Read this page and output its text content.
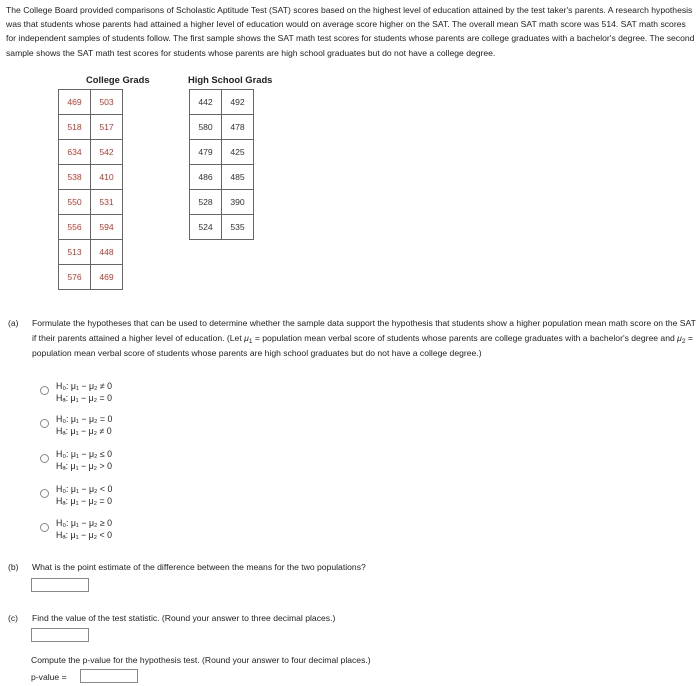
The College Board provided comparisons of Scholastic Aptitude Test (SAT) scores based on the highest level of education attained by the test taker's parents. A research hypothesis was that students whose parents had attained a higher level of education would on average score higher on the SAT. The overall mean SAT math score was 514. SAT math scores for independent samples of students follow. The first sample shows the SAT math test scores for students whose parents are college graduates with a bachelor's degree. The second sample shows the SAT math test scores for students whose parents are high school graduates but do not have a college degree.

College Grads	High School Grads
469	503
518	517
634	542
538	410
550	531
556	594
513	448
576	469
442	492
580	478
479	425
486	485
528	390
524	535
(a) Formulate the hypotheses that can be used to determine whether the sample data support the hypothesis that students show a higher population mean math score on the SAT if their parents attained a higher level of education. (Let $\mu_1$ = population mean verbal score of students whose parents are college graduates with a bachelor's degree and $\mu_2$ = population mean verbal score of students whose parents are high school graduates but do not have a college degree.)
H₀: μ₁ − μ₂ ≠ 0
Hₐ: μ₁ − μ₂ = 0
H₀: μ₁ − μ₂ = 0
Hₐ: μ₁ − μ₂ ≠ 0
H₀: μ₁ − μ₂ ≤ 0
Hₐ: μ₁ − μ₂ > 0
H₀: μ₁ − μ₂ < 0
Hₐ: μ₁ − μ₂ = 0
H₀: μ₁ − μ₂ ≥ 0
Hₐ: μ₁ − μ₂ < 0
(b) What is the point estimate of the difference between the means for the two populations?
(c) Find the value of the test statistic. (Round your answer to three decimal places.)
Compute the p-value for the hypothesis test. (Round your answer to four decimal places.)
p-value =
